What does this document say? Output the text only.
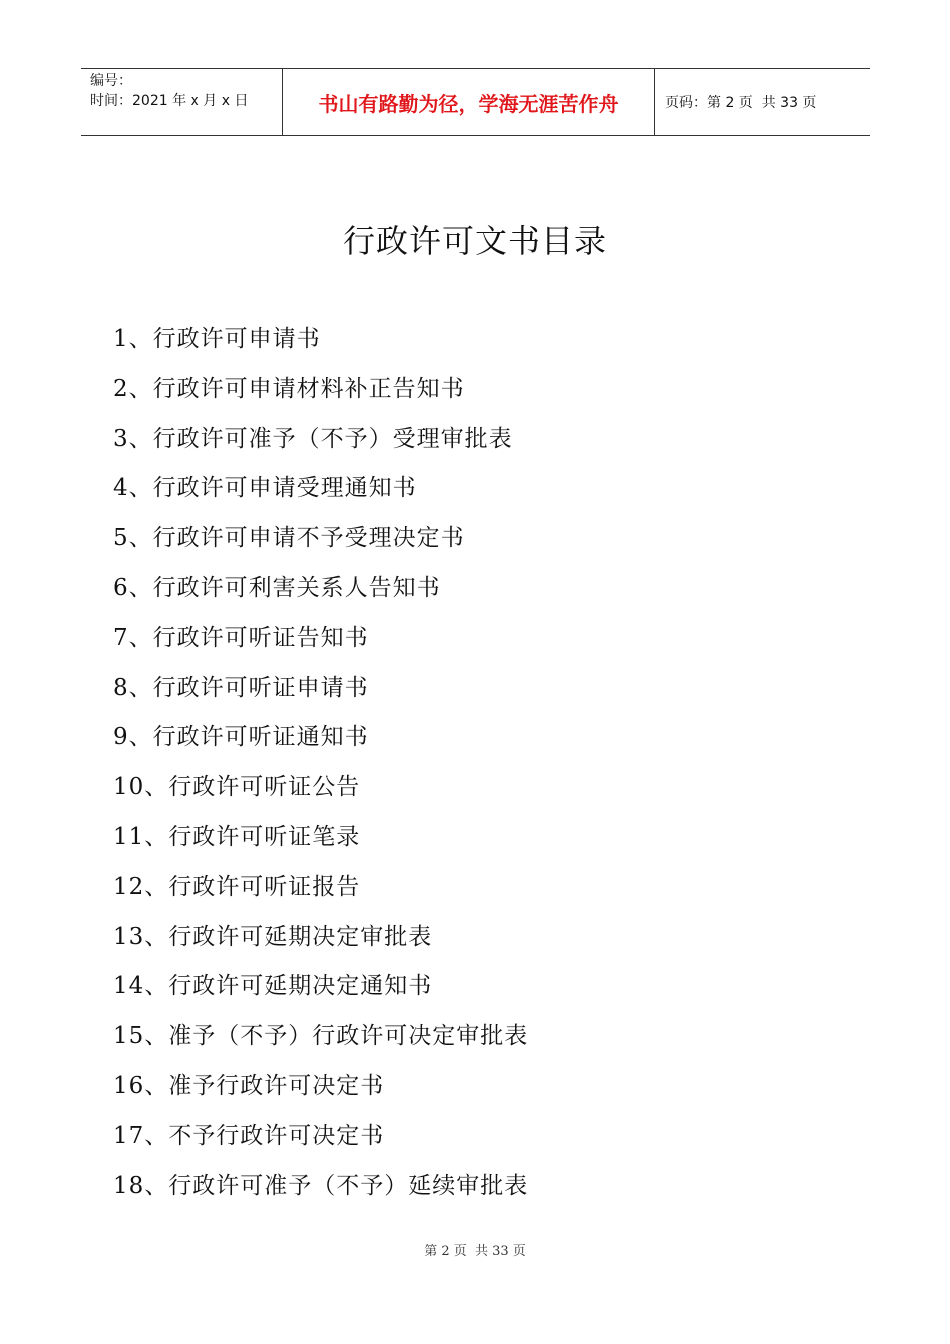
编号：
时间：2021 年 x 月 x 日	书山有路勤为径，学海无涯苦作舟	页码：第 2 页  共 33 页
行政许可文书目录
1、行政许可申请书
2、行政许可申请材料补正告知书
3、行政许可准予（不予）受理审批表
4、行政许可申请受理通知书
5、行政许可申请不予受理决定书
6、行政许可利害关系人告知书
7、行政许可听证告知书
8、行政许可听证申请书
9、行政许可听证通知书
10、行政许可听证公告
11、行政许可听证笔录
12、行政许可听证报告
13、行政许可延期决定审批表
14、行政许可延期决定通知书
15、准予（不予）行政许可决定审批表
16、准予行政许可决定书
17、不予行政许可决定书
18、行政许可准予（不予）延续审批表
第 2 页  共 33 页
